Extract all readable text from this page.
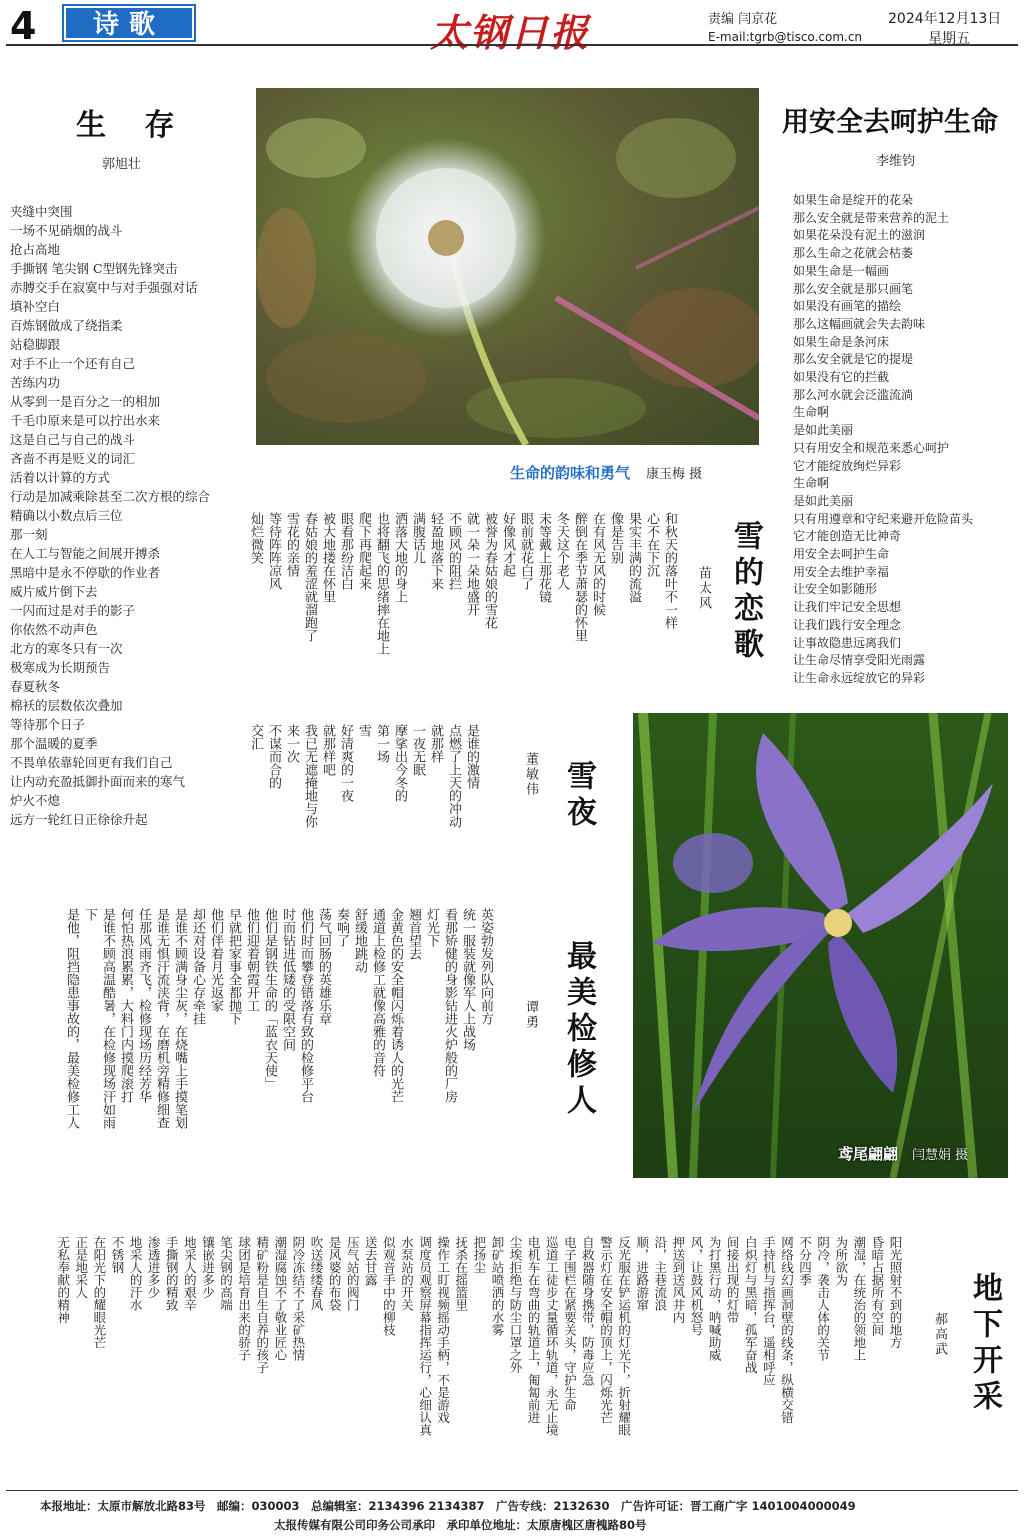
4	诗歌	太钢日报	责编 闫京花
E-mail:tgrb@tisco.com.cn
2024年12月13日
星期五
生 存
郭旭壮
夹缝中突围
一场不见硝烟的战斗
抢占高地
手撕钢 笔尖钢 C型钢先锋突击
赤膊交手在寂寞中与对手强强对话
填补空白
百炼钢做成了绕指柔
站稳脚跟
对手不止一个还有自己
苦练内功
从零到一是百分之一的相加
千毛巾原来是可以拧出水来
这是自己与自己的战斗
吝啬不再是贬义的词汇
活着以计算的方式
行动是加减乘除甚至二次方根的综合
精确以小数点后三位
那一刻
在人工与智能之间展开搏杀
黑暗中是永不停歇的作业者
威片威片倒下去
一闪而过是对手的影子
你依然不动声色
北方的寒冬只有一次
极寒成为长期预告
春夏秋冬
棉袄的层数依次叠加
等待那个日子
那个温暖的夏季
不畏单依靠轮回更有我们自己
让内动充盈抵御扑面而来的寒气
炉火不熄
远方一轮红日正徐徐升起
生命的韵味和勇气 康玉梅 摄
用安全去呵护生命
李维钧
如果生命是绽开的花朵
那么安全就是带来营养的泥土
如果花朵没有泥土的滋润
那么生命之花就会枯萎
如果生命是一幅画
那么安全就是那只画笔
如果没有画笔的描绘
那么这幅画就会失去韵味
如果生命是条河床
那么安全就是它的提堤
如果没有它的拦截
那么河水就会泛滥流淌
生命啊
是如此美丽
只有用安全和规范来悉心呵护
它才能绽放绚烂异彩
生命啊
是如此美丽
只有用遵章和守纪来避开危险苗头
它才能创造无比神奇
用安全去呵护生命
用安全去维护幸福
让安全如影随形
让我们牢记安全思想
让我们践行安全理念
让事故隐患远离我们
让生命尽情享受阳光雨露
让生命永远绽放它的异彩
雪的恋歌
苗太风
和秋天的落叶不一样
心不在下沉
果实丰满的流溢
像是告别
在有风无风的时候
醉倒在季节萧瑟的怀里
冬天这个老人
未等戴上那花镜
眼前就花白了
好像风才起
被誉为春姑娘的雪花
就一朵一朵地盛开
不顾风的阻拦
轻盈地落下来
满腹话儿
洒落大地的身上
也将翻飞的思绪摔在地上
爬下再爬起来
眼看那纷洁白
被大地搂在怀里
春姑娘的羞涩就溜跑了
雪花的亲情
等待阵阵凉风
灿烂微笑
雪夜
董敏伟
是谁的激情
点燃了上天的冲动
就那样
一夜无眠
摩挲出今冬的
第一场
雪
好清爽的一夜
就那样吧
我已无遮掩地与你
来一次
不谋而合的
交汇
最美检修人
谭勇
英姿勃发列队向前方
统一服装就像军人上战场
看那矫健的身影钻进火炉般的厂房
灯光下
翘首望去
金黄色的安全帽闪烁着诱人的光芒
通道上检修工就像高雅的音符
舒缓地跳动
奏响了
荡气回肠的英雄乐章
他们时而攀登错落有致的检修平台
时而钻进低矮的受限空间
他们是钢铁生命的「蓝衣天使」
他们迎着朝霞开工
早就把家事全都抛下
他们伴着月光返家
却还对设备心存牵挂
是谁不顾满身尘灰，在烧嘴上手摸笔划
是谁无惧汗流浃背，在磨机旁精修细查
任那风雨齐飞，检修现场历经芳华
何怕热浪累累，大料门内摸爬滚打
是谁不顾高温酷暑，在检修现场汗如雨
下
是他，阻挡隐患事故的，最美检修工人
鸢尾翩翩 闫慧娟 摄
地下开采
郝高武
阳光照射不到的地方
昏暗占据所有空间
潮湿，在统治的领地上
为所欲为
阴冷，袭击人体的关节
不分四季
网络线幻画洞壁的线条，纵横交错
手持机与指挥台，遥相呼应
白炽灯与黑暗，孤军奋战
间接出现的灯带
为打黑行动，呐喊助威
风，让鼓风机怒号
押送到送风井内
沿，主巷流浪
顺，进路游窜
反光服在铲运机的灯光下，折射耀眼
警示灯在安全帽的顶上，闪烁光芒
自救器随身携带，防毒应急
电子围栏在紧要关头，守护生命
巡道工徒步丈量循环轨道，永无止境
电机车在弯曲的轨道上，匍匐前进
尘埃拒绝与防尘口罩之外
卸矿站喷洒的水雾
把扬尘
抚杀在摇篮里
操作工盯视频摇动手柄，不是游戏
调度员观察屏幕指挥运行，心细认真
水泵站的开关
似观音手中的柳枝
送去甘露
压气站的阀门
是风婆的布袋
吹送缕缕春风
阴冷冻结不了采矿热情
潮湿腐蚀不了敬业匠心
精矿粉是自生自养的孩子
球团是培育出来的骄子
笔尖钢的高端
镶嵌进多少
地采人的艰辛
手撕钢的精致
渗透进多少
地采人的汗水
不锈钢
在阳光下的耀眼光芒
正是地采人
无私奉献的精神
本报地址：太原市解放北路83号　邮编：030003　总编辑室：2134396 2134387　广告专线：2132630　广告许可证：晋工商广字 1401004000049
太报传媒有限公司印务公司承印　承印单位地址：太原唐槐区唐槐路80号
